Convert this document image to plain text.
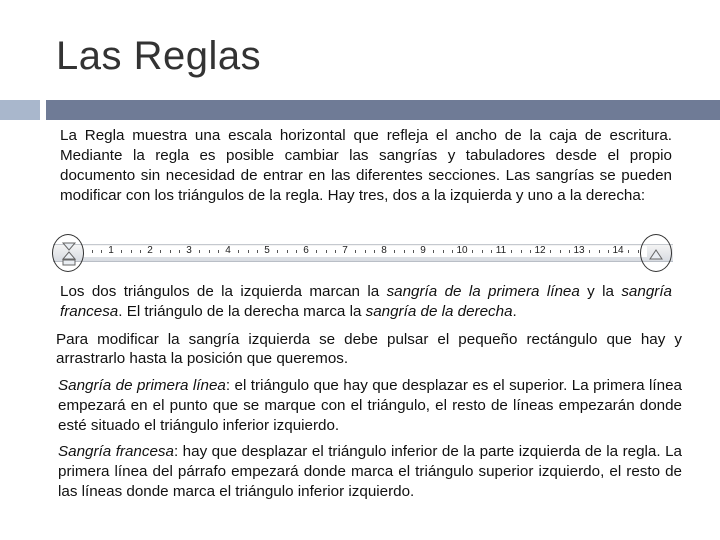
Las Reglas

La Regla muestra una escala horizontal que refleja el ancho de la caja de escritura. Mediante la regla es posible cambiar las sangrías y tabuladores desde el propio documento sin necesidad de entrar en las diferentes secciones. Las sangrías se pueden modificar con los triángulos de la regla. Hay tres, dos a la izquierda y uno a la derecha:

1	2	3	4	5	6	7	8	9	10	11	12	13	14

Los dos triángulos de la izquierda marcan la sangría de la primera línea y la sangría francesa. El triángulo de la derecha marca la sangría de la derecha.

Para modificar la sangría izquierda se debe pulsar el pequeño rectángulo que hay y arrastrarlo hasta la posición que queremos.

Sangría de primera línea: el triángulo que hay que desplazar es el superior. La primera línea empezará en el punto que se marque con el triángulo, el resto de líneas empezarán donde esté situado el triángulo inferior izquierdo.

Sangría francesa: hay que desplazar el triángulo inferior de la parte izquierda de la regla. La primera línea del párrafo empezará donde marca el triángulo superior izquierdo, el resto de las líneas donde marca el triángulo inferior izquierdo.
